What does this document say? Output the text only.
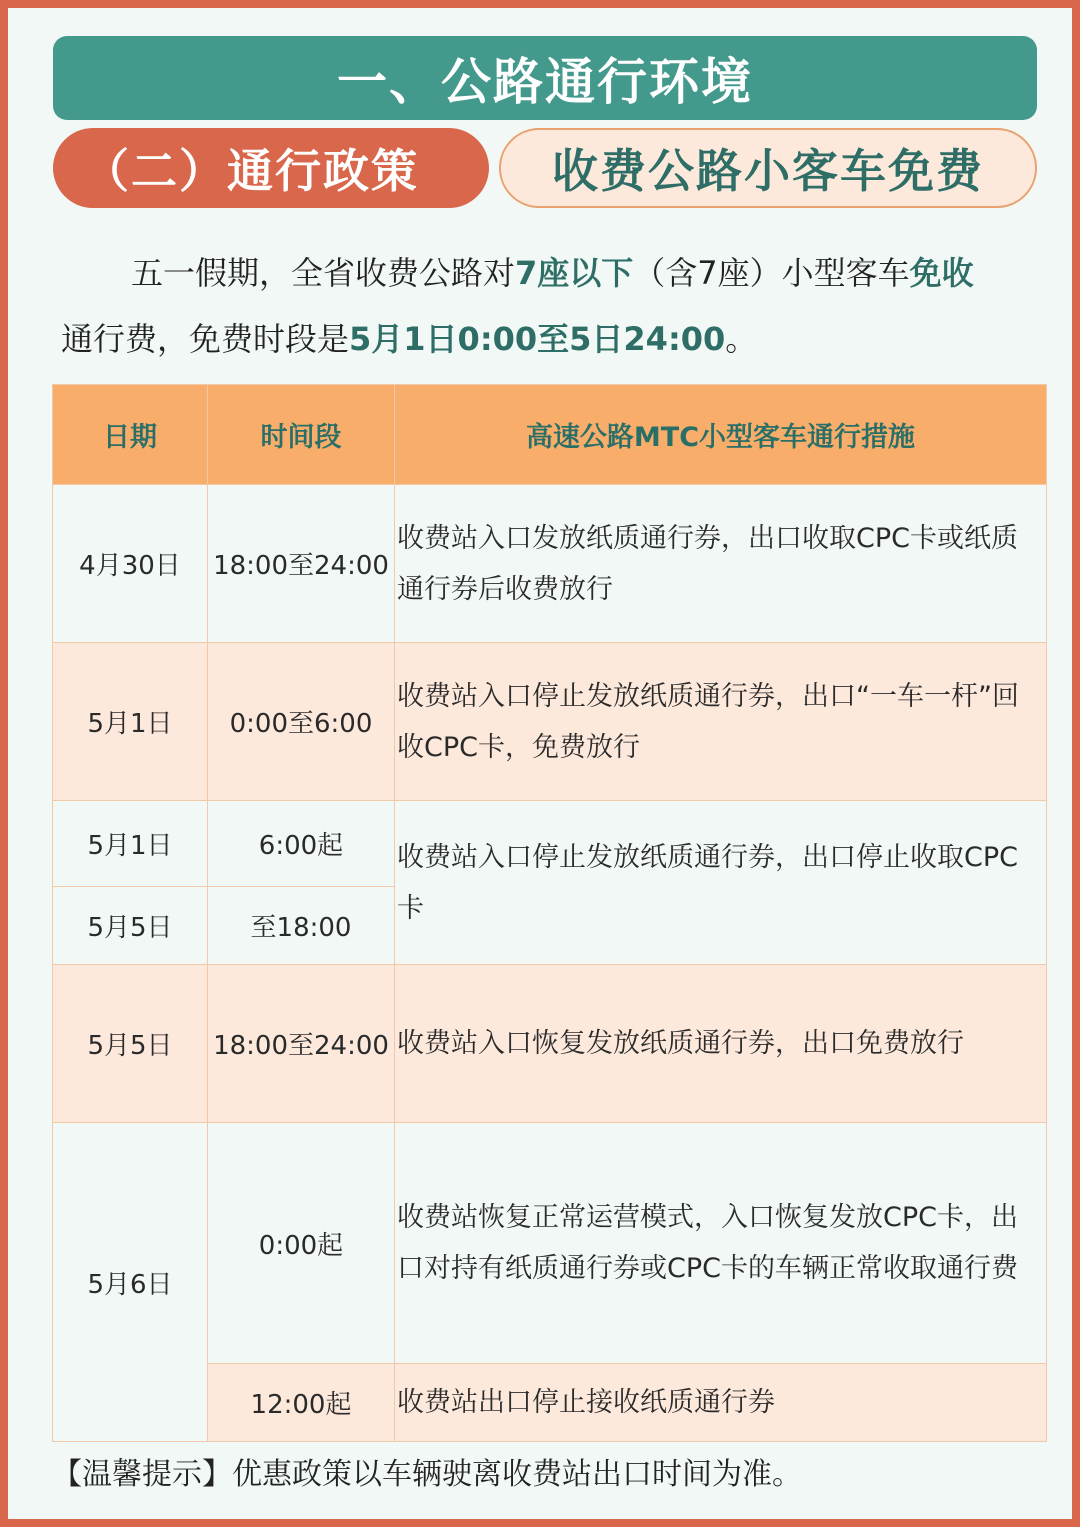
一、公路通行环境
（二）通行政策	收费公路小客车免费
五一假期，全省收费公路对7座以下（含7座）小型客车免收
通行费，免费时段是5月1日0:00至5日24:00。
日期	时间段	高速公路MTC小型客车通行措施
4月30日	18:00至24:00	收费站入口发放纸质通行券，出口收取CPC卡或纸质通行券后收费放行
5月1日	0:00至6:00	收费站入口停止发放纸质通行券，出口“一车一杆”回收CPC卡，免费放行
5月1日	6:00起	收费站入口停止发放纸质通行券，出口停止收取CPC卡
5月5日	至18:00	
5月5日	18:00至24:00	收费站入口恢复发放纸质通行券，出口免费放行
5月6日	0:00起	收费站恢复正常运营模式，入口恢复发放CPC卡，出口对持有纸质通行券或CPC卡的车辆正常收取通行费
	12:00起	收费站出口停止接收纸质通行券
【温馨提示】优惠政策以车辆驶离收费站出口时间为准。
